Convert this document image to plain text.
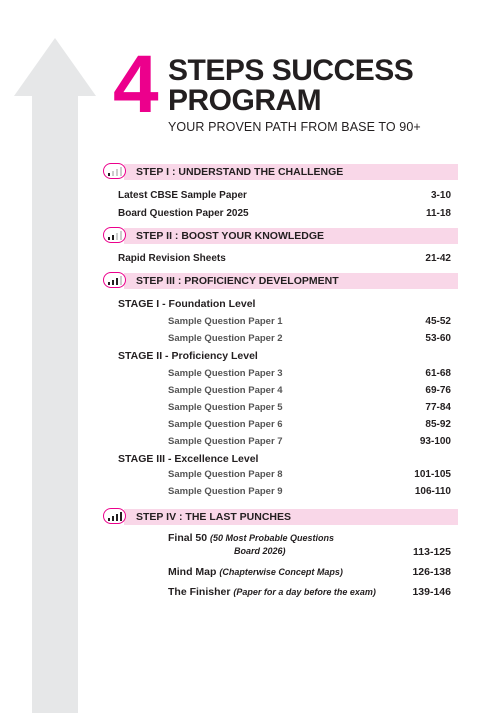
4 STEPS SUCCESS
PROGRAM
YOUR PROVEN PATH FROM BASE TO 90+
STEP I : UNDERSTAND THE CHALLENGE
Latest CBSE Sample Paper	3-10
Board Question Paper 2025	11-18
STEP II : BOOST YOUR KNOWLEDGE
Rapid Revision Sheets	21-42
STEP III : PROFICIENCY DEVELOPMENT
STAGE I - Foundation Level
Sample Question Paper 1	45-52
Sample Question Paper 2	53-60
STAGE II - Proficiency Level
Sample Question Paper 3	61-68
Sample Question Paper 4	69-76
Sample Question Paper 5	77-84
Sample Question Paper 6	85-92
Sample Question Paper 7	93-100
STAGE III - Excellence Level
Sample Question Paper 8	101-105
Sample Question Paper 9	106-110
STEP IV : THE LAST PUNCHES
Final 50 (50 Most Probable Questions
Board 2026)	113-125
Mind Map (Chapterwise Concept Maps)	126-138
The Finisher (Paper for a day before the exam)	139-146
